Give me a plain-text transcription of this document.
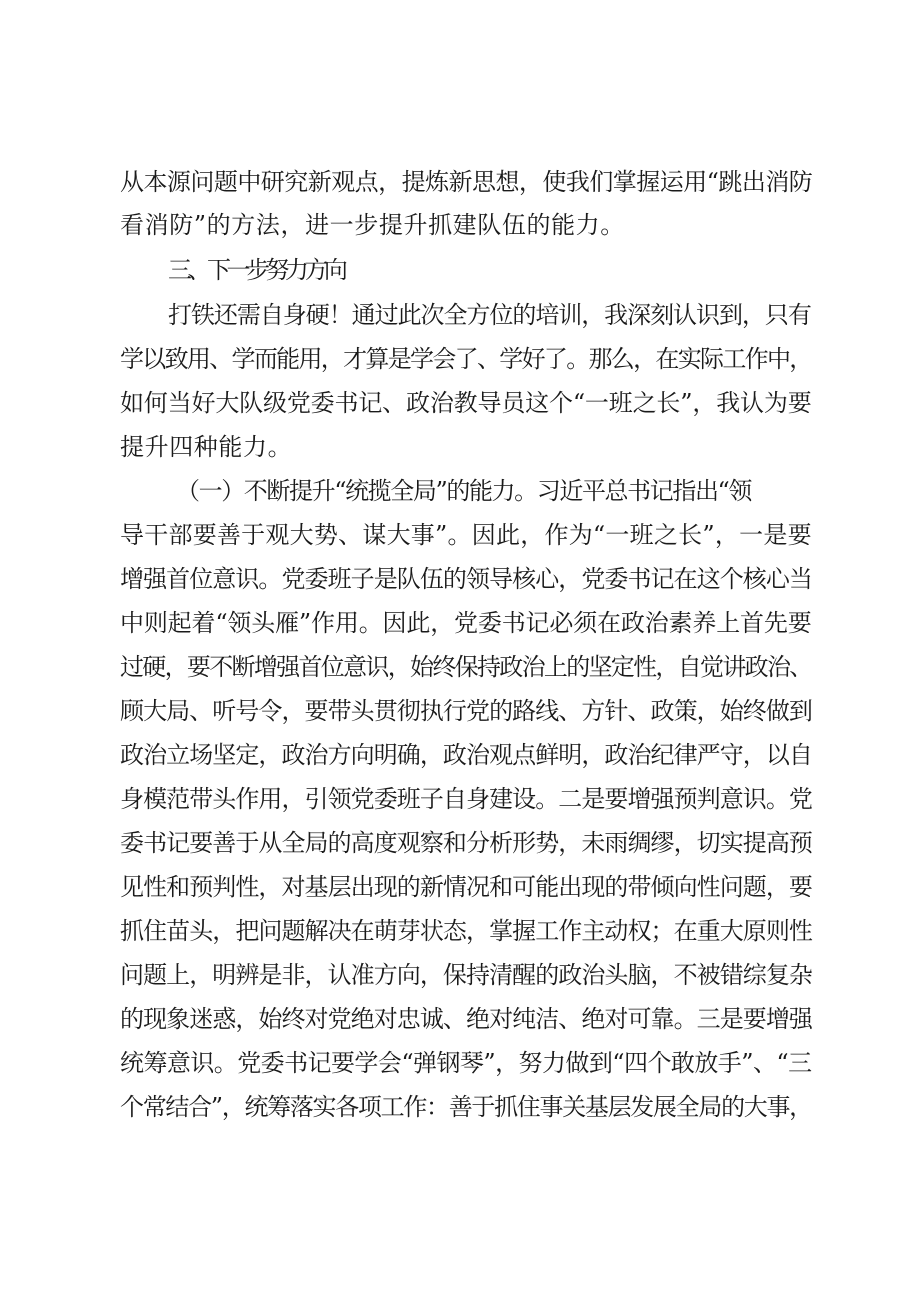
从本源问题中研究新观点，提炼新思想，使我们掌握运用“跳出消防
看消防”的方法，进一步提升抓建队伍的能力。
三、下一步努力方向
打铁还需自身硬！通过此次全方位的培训，我深刻认识到，只有
学以致用、学而能用，才算是学会了、学好了。那么，在实际工作中，
如何当好大队级党委书记、政治教导员这个“一班之长”，我认为要
提升四种能力。
（一）不断提升“统揽全局”的能力。习近平总书记指出“领
导干部要善于观大势、谋大事”。因此，作为“一班之长”，一是要
增强首位意识。党委班子是队伍的领导核心，党委书记在这个核心当
中则起着“领头雁”作用。因此，党委书记必须在政治素养上首先要
过硬，要不断增强首位意识，始终保持政治上的坚定性，自觉讲政治、
顾大局、听号令，要带头贯彻执行党的路线、方针、政策，始终做到
政治立场坚定，政治方向明确，政治观点鲜明，政治纪律严守，以自
身模范带头作用，引领党委班子自身建设。二是要增强预判意识。党
委书记要善于从全局的高度观察和分析形势，未雨绸缪，切实提高预
见性和预判性，对基层出现的新情况和可能出现的带倾向性问题，要
抓住苗头，把问题解决在萌芽状态，掌握工作主动权；在重大原则性
问题上，明辨是非，认准方向，保持清醒的政治头脑，不被错综复杂
的现象迷惑，始终对党绝对忠诚、绝对纯洁、绝对可靠。三是要增强
统筹意识。党委书记要学会“弹钢琴”，努力做到“四个敢放手”、“三
个常结合”，统筹落实各项工作：善于抓住事关基层发展全局的大事，
